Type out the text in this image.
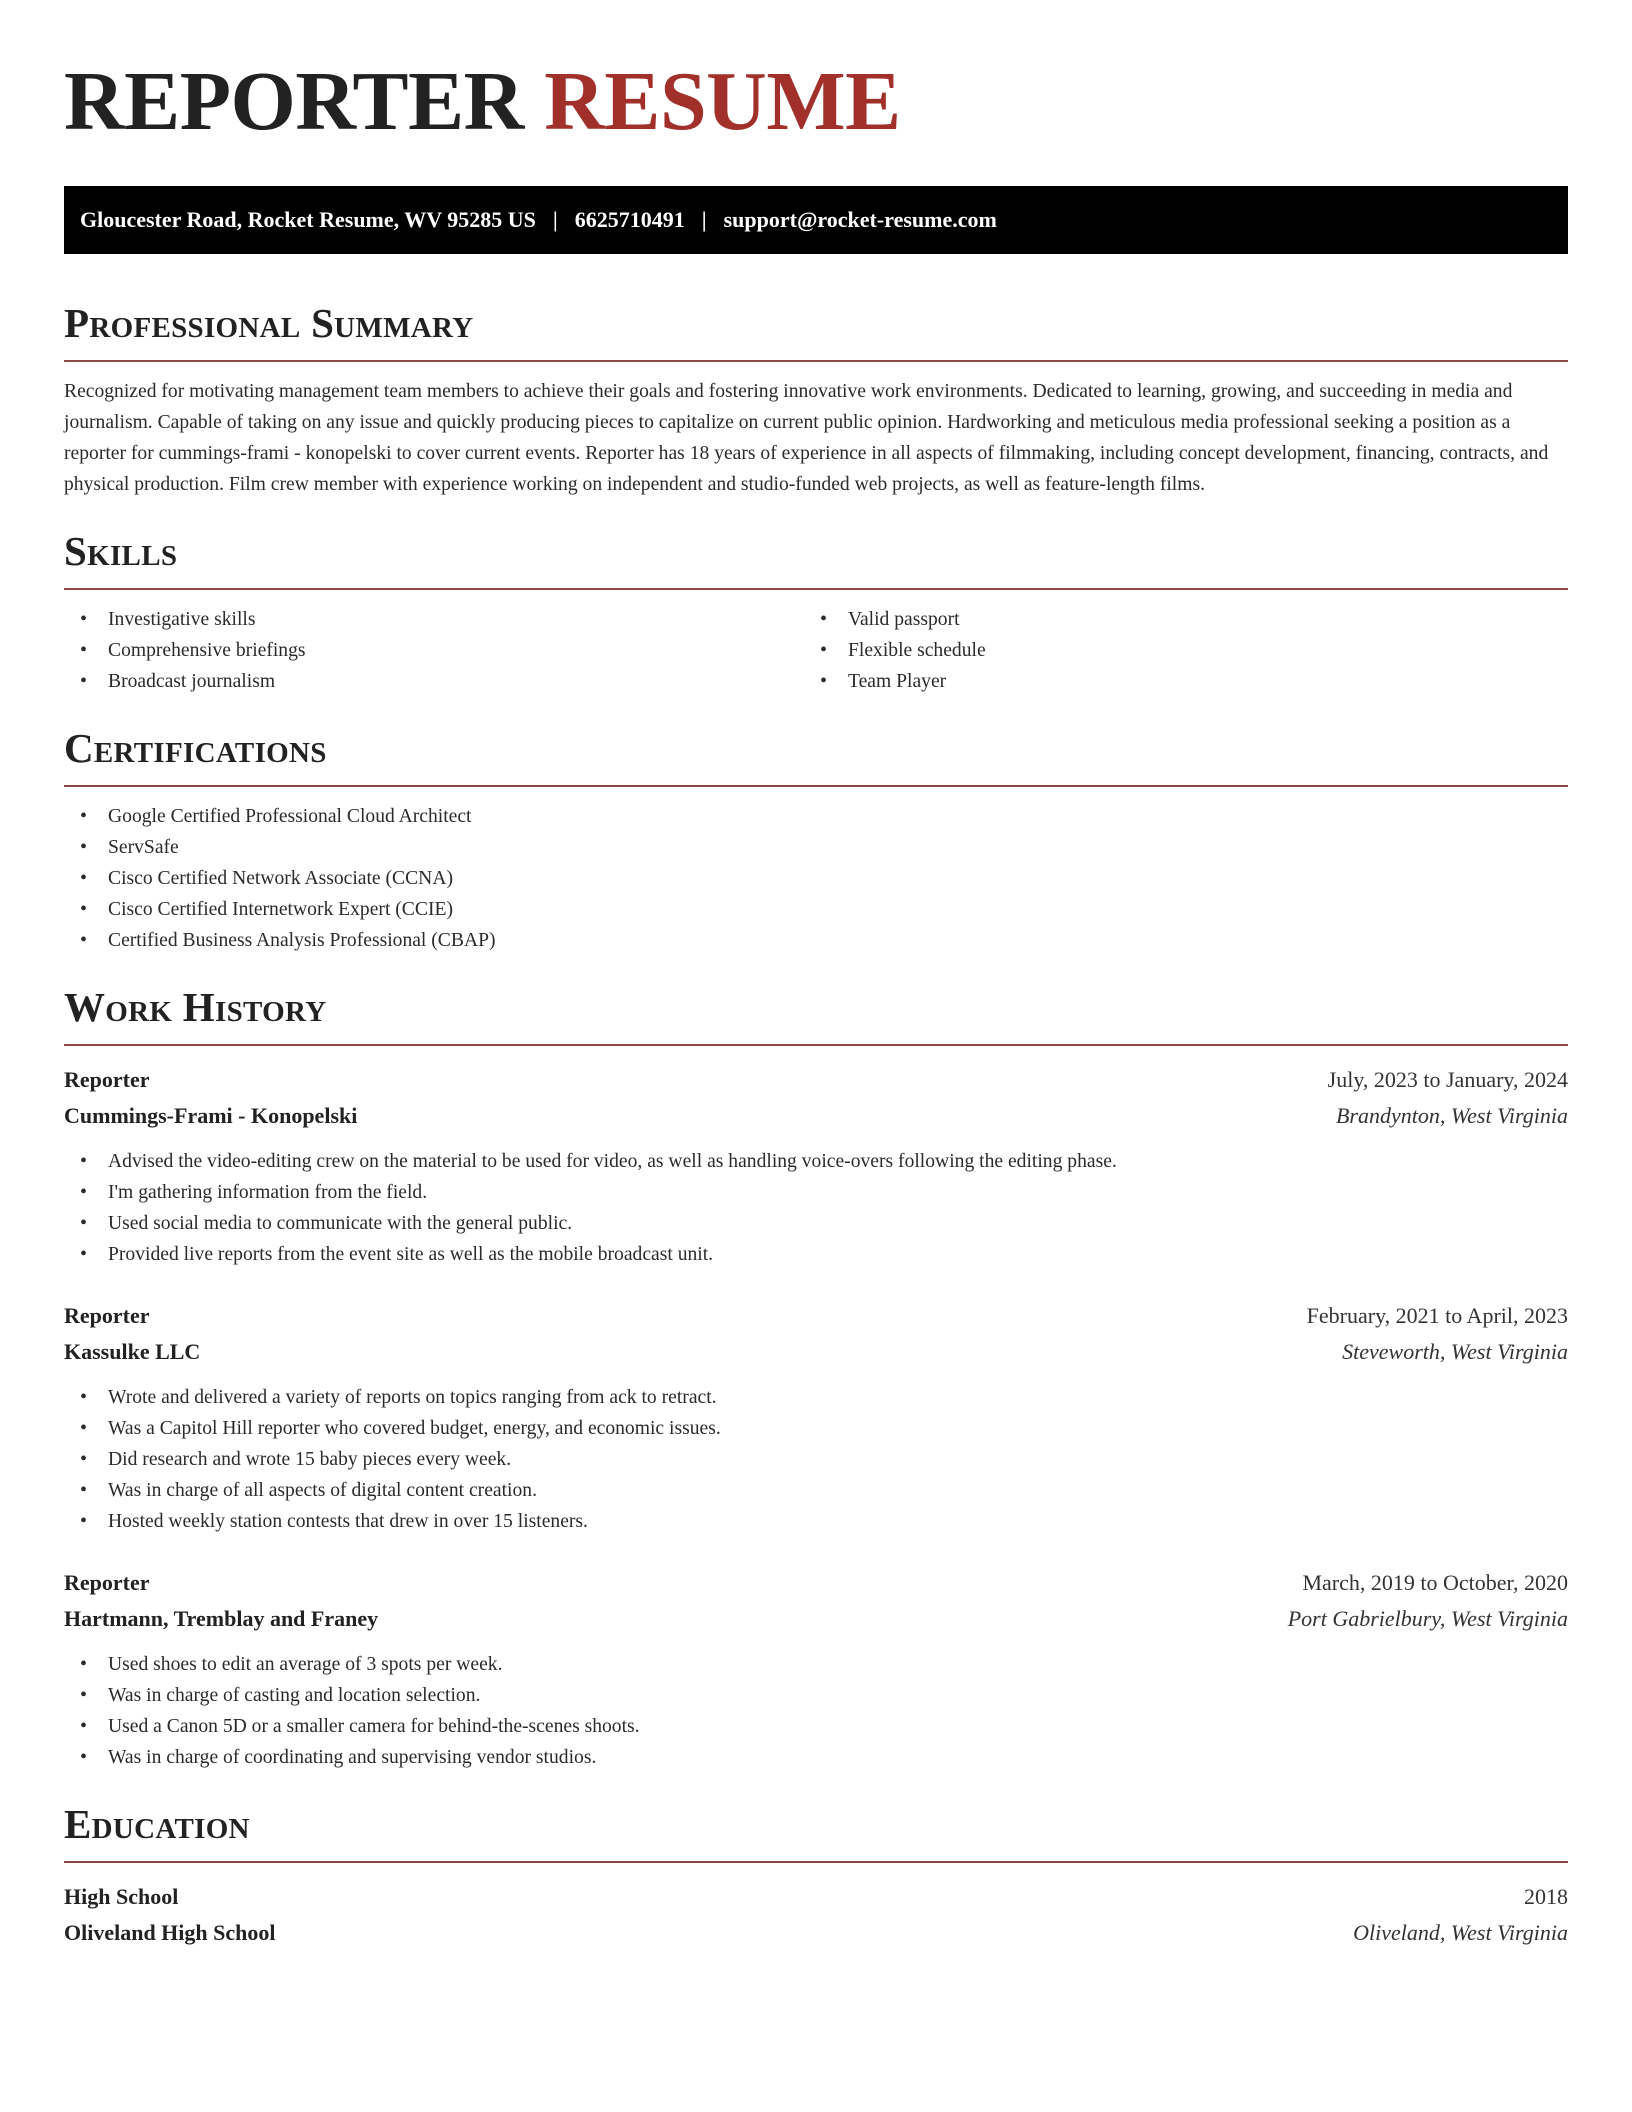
REPORTER RESUME
Gloucester Road, Rocket Resume, WV 95285 US | 6625710491 | support@rocket-resume.com
Professional Summary

Recognized for motivating management team members to achieve their goals and fostering innovative work environments. Dedicated to learning, growing, and succeeding in media and journalism. Capable of taking on any issue and quickly producing pieces to capitalize on current public opinion. Hardworking and meticulous media professional seeking a position as a reporter for cummings-frami - konopelski to cover current events. Reporter has 18 years of experience in all aspects of filmmaking, including concept development, financing, contracts, and physical production. Film crew member with experience working on independent and studio-funded web projects, as well as feature-length films.

Skills
• Investigative skills
• Comprehensive briefings
• Broadcast journalism
• Valid passport
• Flexible schedule
• Team Player
Certifications
• Google Certified Professional Cloud Architect
• ServSafe
• Cisco Certified Network Associate (CCNA)
• Cisco Certified Internetwork Expert (CCIE)
• Certified Business Analysis Professional (CBAP)
Work History
Reporter	July, 2023 to January, 2024
Cummings-Frami - Konopelski	Brandynton, West Virginia
• Advised the video-editing crew on the material to be used for video, as well as handling voice-overs following the editing phase.
• I'm gathering information from the field.
• Used social media to communicate with the general public.
• Provided live reports from the event site as well as the mobile broadcast unit.
Reporter	February, 2021 to April, 2023
Kassulke LLC	Steveworth, West Virginia
• Wrote and delivered a variety of reports on topics ranging from ack to retract.
• Was a Capitol Hill reporter who covered budget, energy, and economic issues.
• Did research and wrote 15 baby pieces every week.
• Was in charge of all aspects of digital content creation.
• Hosted weekly station contests that drew in over 15 listeners.
Reporter	March, 2019 to October, 2020
Hartmann, Tremblay and Franey	Port Gabrielbury, West Virginia
• Used shoes to edit an average of 3 spots per week.
• Was in charge of casting and location selection.
• Used a Canon 5D or a smaller camera for behind-the-scenes shoots.
• Was in charge of coordinating and supervising vendor studios.
Education
High School	2018
Oliveland High School	Oliveland, West Virginia
